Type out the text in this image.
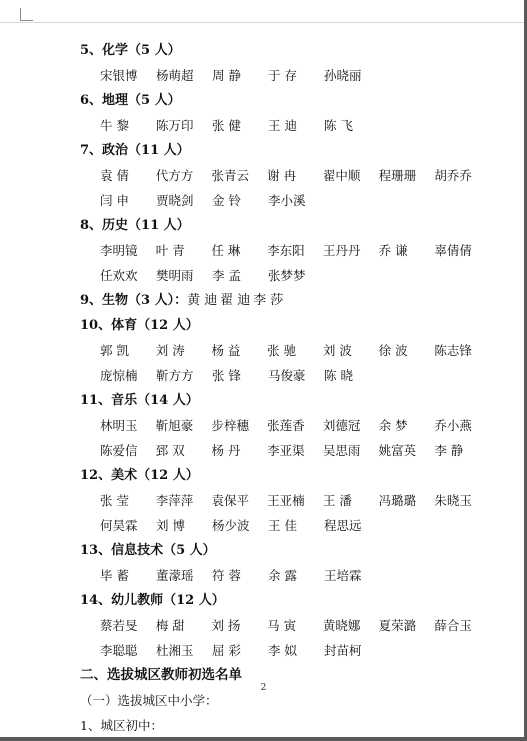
5、化学（5 人）
宋银博	杨萌超	周 静	于 存	孙晓丽
6、地理（5 人）
牛 黎	陈万印	张 健	王 迪	陈 飞
7、政治（11 人）
袁 倩	代方方	张青云	谢 冉	翟中顺	程珊珊	胡乔乔
闫 申	贾晓剑	金 铃	李小溪
8、历史（11 人）
李明镜	叶 青	任 琳	李东阳	王丹丹	乔 谦	辜倩倩
任欢欢	樊明雨	李 孟	张梦梦
9、生物（3 人）：黄 迪 翟 迪 李 莎
10、体育（12 人）
郭 凯	刘 涛	杨 益	张 驰	刘 波	徐 波	陈志锋
庞惊楠	靳方方	张 锋	马俊豪	陈 晓
11、音乐（14 人）
林明玉	靳旭豪	步梓穗	张莲香	刘德冠	余 梦	乔小燕
陈爱信	郅 双	杨 丹	李亚渠	吴思雨	姚富英	李 静
12、美术（12 人）
张 莹	李萍萍	袁保平	王亚楠	王 潘	冯璐璐	朱晓玉
何昊霖	刘 博	杨少波	王 佳	程思远
13、信息技术（5 人）
毕 蓄	董濛瑶	符 蓉	余 露	王培霖
14、幼儿教师（12 人）
蔡若旻	梅 甜	刘 扬	马 寅	黄晓娜	夏荣潞	薛合玉
李聪聪	杜湘玉	屈 彩	李 姒	封苗柯
二、选拔城区教师初选名单
（一）选拔城区中小学：
1、城区初中：
2
